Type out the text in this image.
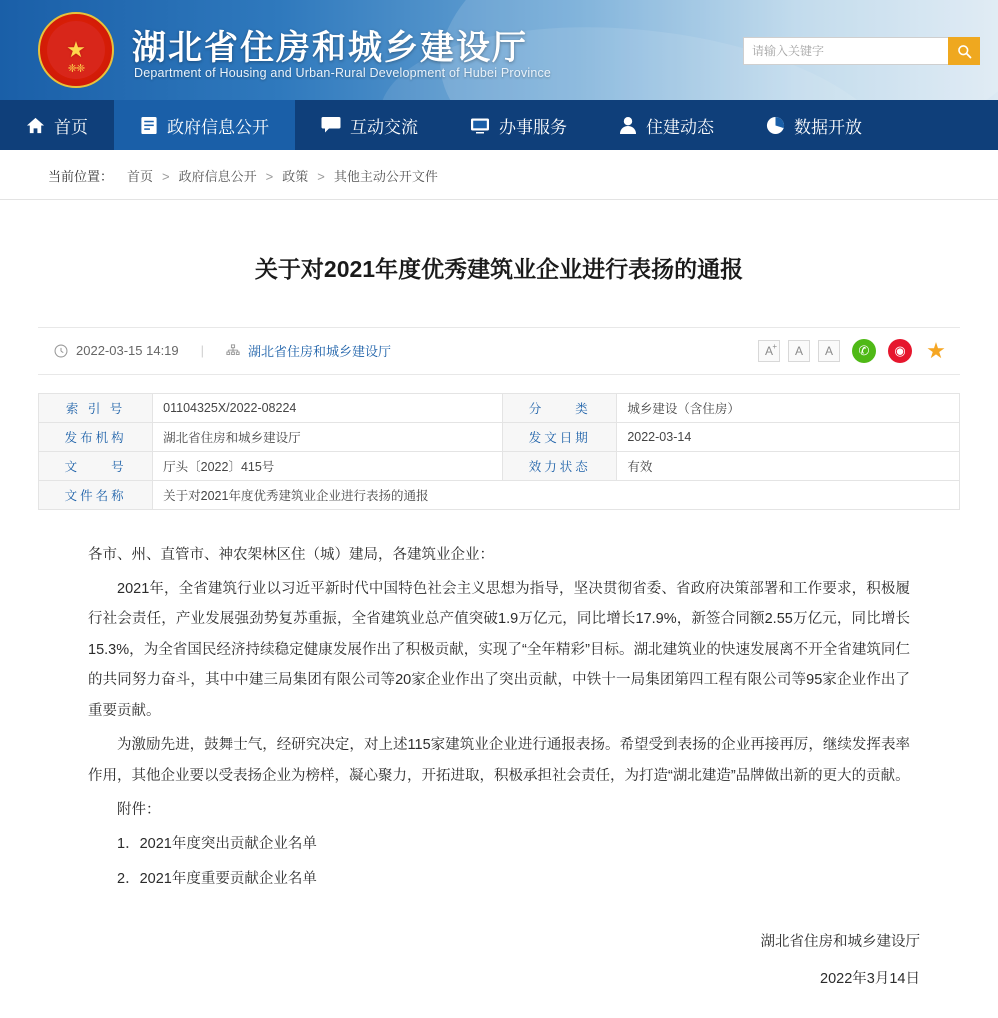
★
❈❈
湖北省住房和城乡建设厅
Department of Housing and Urban-Rural Development of Hubei Province
请输入关键字
首页	政府信息公开	互动交流	办事服务	住建动态	数据开放
当前位置： 首页 > 政府信息公开 > 政策 > 其他主动公开文件
关于对2021年度优秀建筑业企业进行表扬的通报
2022-03-15 14:19 |	湖北省住房和城乡建设厅	A+ A A ✆ ◉ ★
索 引 号	01104325X/2022-08224	分　　类	城乡建设（含住房）
发布机构	湖北省住房和城乡建设厅	发文日期	2022-03-14
文　　号	厅头〔2022〕415号	效力状态	有效
文件名称	关于对2021年度优秀建筑业企业进行表扬的通报		

各市、州、直管市、神农架林区住（城）建局，各建筑业企业：

2021年，全省建筑行业以习近平新时代中国特色社会主义思想为指导，坚决贯彻省委、省政府决策部署和工作要求，积极履行社会责任，产业发展强劲势复苏重振，全省建筑业总产值突破1.9万亿元，同比增长17.9%，新签合同额2.55万亿元，同比增长15.3%，为全省国民经济持续稳定健康发展作出了积极贡献，实现了“全年精彩”目标。湖北建筑业的快速发展离不开全省建筑同仁的共同努力奋斗，其中中建三局集团有限公司等20家企业作出了突出贡献，中铁十一局集团第四工程有限公司等95家企业作出了重要贡献。

为激励先进，鼓舞士气，经研究决定，对上述115家建筑业企业进行通报表扬。希望受到表扬的企业再接再厉，继续发挥表率作用，其他企业要以受表扬企业为榜样，凝心聚力，开拓进取，积极承担社会责任，为打造“湖北建造”品牌做出新的更大的贡献。

附件：

1．2021年度突出贡献企业名单

2．2021年度重要贡献企业名单

湖北省住房和城乡建设厅
2022年3月14日
